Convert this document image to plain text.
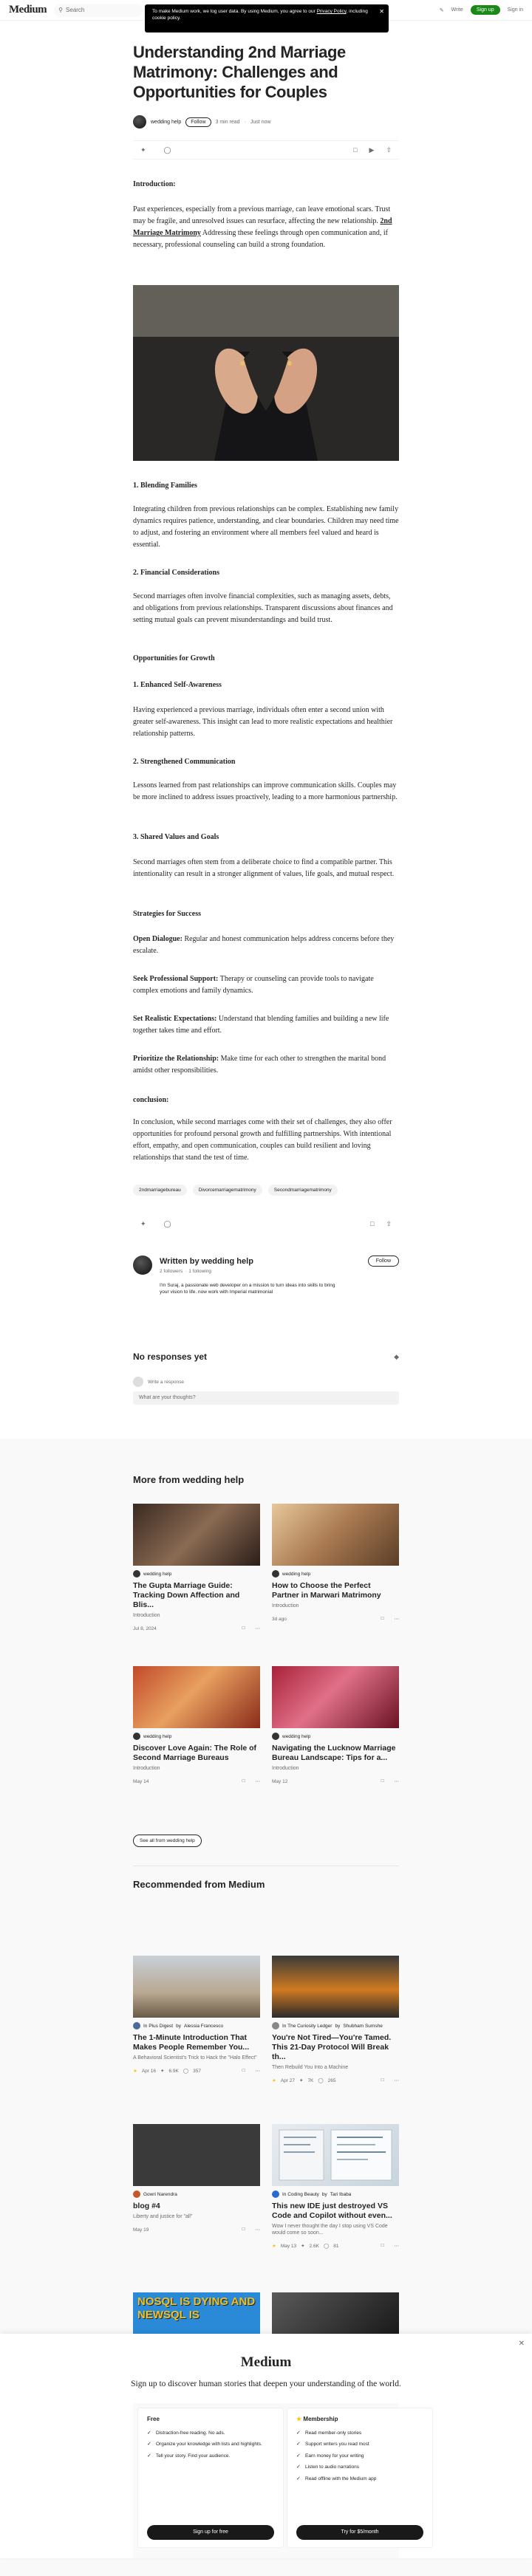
Medium ⚲ Search	✎ Write	Sign up	Sign in
To make Medium work, we log user data. By using Medium, you agree to our Privacy Policy, including cookie policy.
✕
Understanding 2nd Marriage Matrimony: Challenges and Opportunities for Couples
wedding help	Follow	3 min read · Just now
✦	◯	□ ▶ ⇧
Introduction:
Past experiences, especially from a previous marriage, can leave emotional scars. Trust may be fragile, and unresolved issues can resurface, affecting the new relationship. 2nd Marriage Matrimony Addressing these feelings through open communication and, if necessary, professional counseling can build a strong foundation.
1. Blending Families
Integrating children from previous relationships can be complex. Establishing new family dynamics requires patience, understanding, and clear boundaries. Children may need time to adjust, and fostering an environment where all members feel valued and heard is essential.
2. Financial Considerations
Second marriages often involve financial complexities, such as managing assets, debts, and obligations from previous relationships. Transparent discussions about finances and setting mutual goals can prevent misunderstandings and build trust.
Opportunities for Growth
1. Enhanced Self-Awareness
Having experienced a previous marriage, individuals often enter a second union with greater self-awareness. This insight can lead to more realistic expectations and healthier relationship patterns.
2. Strengthened Communication
Lessons learned from past relationships can improve communication skills. Couples may be more inclined to address issues proactively, leading to a more harmonious partnership.
3. Shared Values and Goals
Second marriages often stem from a deliberate choice to find a compatible partner. This intentionality can result in a stronger alignment of values, life goals, and mutual respect.
Strategies for Success
Open Dialogue: Regular and honest communication helps address concerns before they escalate.
Seek Professional Support: Therapy or counseling can provide tools to navigate complex emotions and family dynamics.
Set Realistic Expectations: Understand that blending families and building a new life together takes time and effort.
Prioritize the Relationship: Make time for each other to strengthen the marital bond amidst other responsibilities.
conclusion:
In conclusion, while second marriages come with their set of challenges, they also offer opportunities for profound personal growth and fulfilling partnerships. With intentional effort, empathy, and open communication, couples can build resilient and loving relationships that stand the test of time.
2ndmarriagebureau	Divorcemarriagematrimony	Secondmarriagematrimony
✦	◯	□ ⇧
Written by wedding help
2 followers · 1 following
I'm Suraj, a passionate web developer on a mission to turn ideas into skills to bring your vision to life. now work with Imperial matrimonial
Follow
No responses yet	◆
Write a response
What are your thoughts?
More from wedding help
wedding help
The Gupta Marriage Guide: Tracking Down Affection and Blis...
Introduction
Jul 8, 2024	□ ⋯
wedding help
How to Choose the Perfect Partner in Marwari Matrimony
Introduction
3d ago	□ ⋯
wedding help
Discover Love Again: The Role of Second Marriage Bureaus
Introduction
May 14	□ ⋯
wedding help
Navigating the Lucknow Marriage Bureau Landscape: Tips for a...
Introduction
May 12	□ ⋯
See all from wedding help
Recommended from Medium
In Plus Digest by Alessia Francesco
The 1-Minute Introduction That Makes People Remember You...
A Behavioral Scientist's Trick to Hack the "Halo Effect"
★ Apr 16 ✦ 6.9K ◯ 357	□ ⋯
In The Curiosity Ledger by Shubham Sumshe
You're Not Tired—You're Tamed. This 21-Day Protocol Will Break th...
Then Rebuild You Into a Machine
★ Apr 27 ✦ 7K ◯ 265	□ ⋯
Gowri Narendra
blog #4
Liberty and justice for "all"
May 19	□ ⋯
In Coding Beauty by Tari Ibaba
This new IDE just destroyed VS Code and Copilot without even...
Wow I never thought the day I stop using VS Code would come so soon...
★ May 13 ✦ 2.6K ◯ 81	□ ⋯
NOSQL IS DYING AND NEWSQL IS
✕
Medium
Sign up to discover human stories that deepen your understanding of the world.
Free
✓ Distraction-free reading. No ads.
✓ Organize your knowledge with lists and highlights.
✓ Tell your story. Find your audience.
Sign up for free
★ Membership
✓ Read member-only stories
✓ Support writers you read most
✓ Earn money for your writing
✓ Listen to audio narrations
✓ Read offline with the Medium app
Try for $5/month
